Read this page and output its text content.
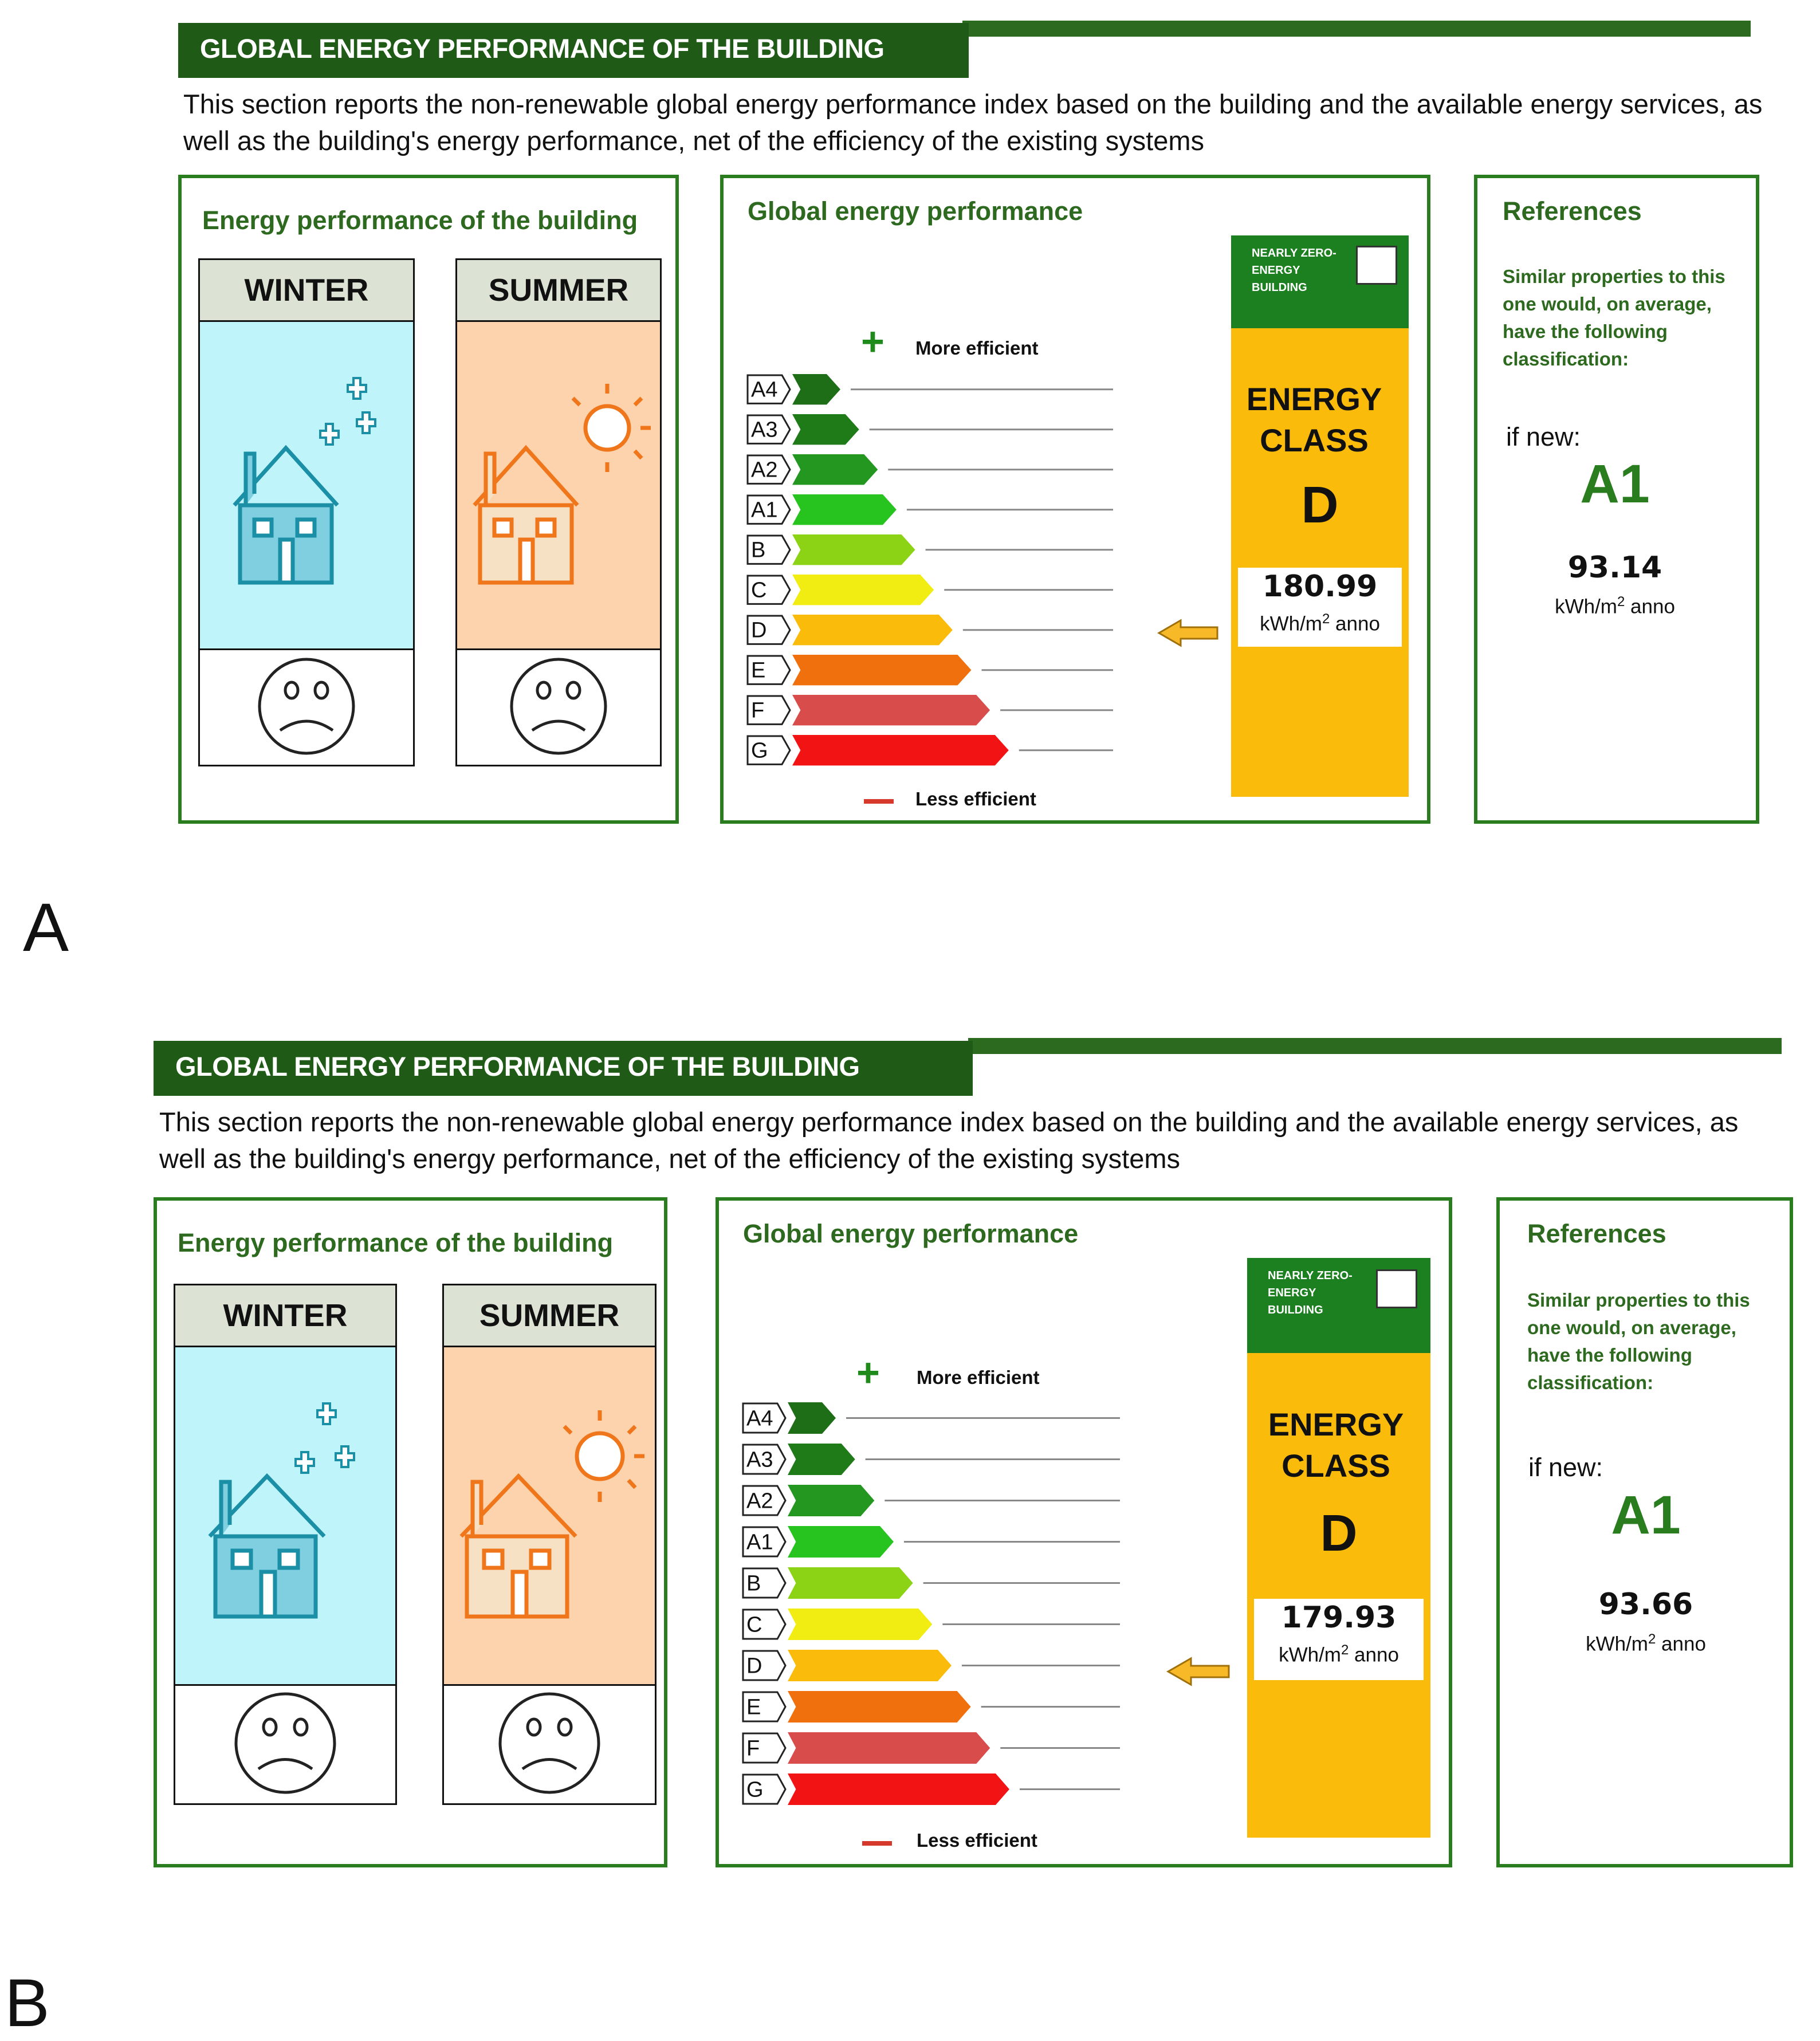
GLOBAL ENERGY PERFORMANCE OF THE BUILDING
This section reports the non-renewable global energy performance index based on the building and the available energy services, as well as the building's energy performance, net of the efficiency of the existing systems
Energy performance of the building
WINTER	SUMMER
Global energy performance
+ More efficient
A4
A3
A2
A1
B
C
D
E
F
G
Less efficient
NEARLY ZERO-ENERGY BUILDING
ENERGY CLASS
D
180.99
kWh/$m^2$ anno
References
Similar properties to this one would, on average, have the following classification:
if new:
A1
93.14
kWh/$m^2$ anno
A
GLOBAL ENERGY PERFORMANCE OF THE BUILDING
This section reports the non-renewable global energy performance index based on the building and the available energy services, as well as the building's energy performance, net of the efficiency of the existing systems
Energy performance of the building
WINTER	SUMMER
Global energy performance
+ More efficient
A4
A3
A2
A1
B
C
D
E
F
G
Less efficient
NEARLY ZERO-ENERGY BUILDING
ENERGY CLASS
D
179.93
kWh/$m^2$ anno
References
Similar properties to this one would, on average, have the following classification:
if new:
A1
93.66
kWh/$m^2$ anno
B
